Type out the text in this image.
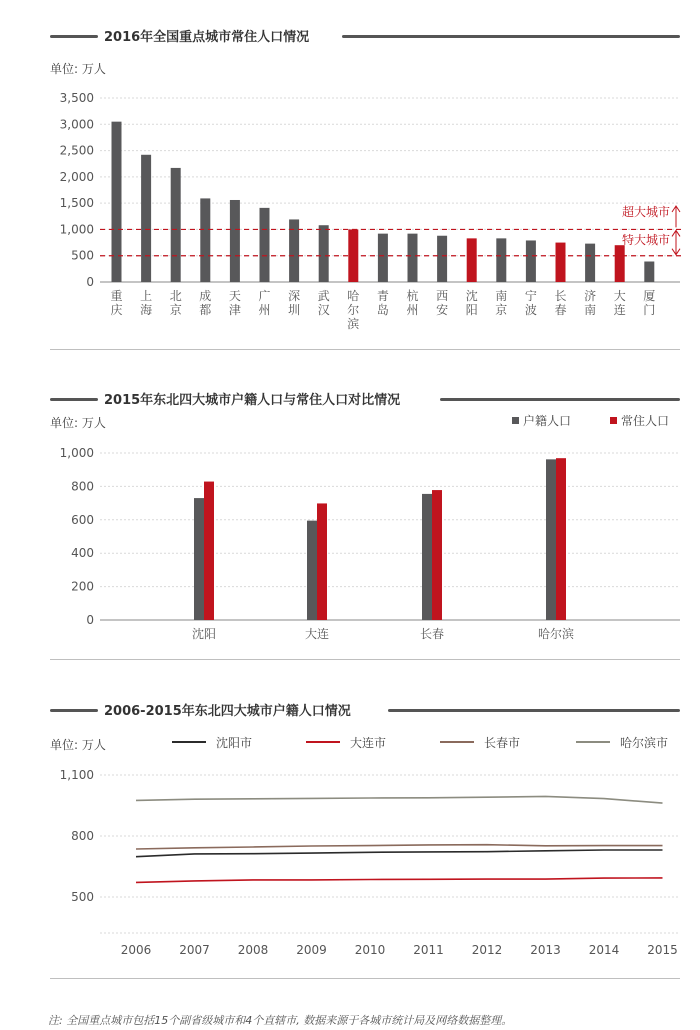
2016年全国重点城市常住人口情况
单位: 万人
0
500
1,000
1,500
2,000
2,500
3,000
3,500
重
庆
上
海
北
京
成
都
天
津
广
州
深
圳
武
汉
哈
尔
滨
青
岛
杭
州
西
安
沈
阳
南
京
宁
波
长
春
济
南
大
连
厦
门
超大城市
特大城市
2015年东北四大城市户籍人口与常住人口对比情况
单位: 万人
0
200
400
600
800
1,000
沈阳	大连	长春	哈尔滨
户籍人口	常住人口
2006-2015年东北四大城市户籍人口情况
单位: 万人
500
800
1,100
2006 2007 2008 2009 2010 2011 2012 2013 2014 2015
沈阳市	大连市	长春市	哈尔滨市
注: 全国重点城市包括15个副省级城市和4个直辖市, 数据来源于各城市统计局及网络数据整理。
